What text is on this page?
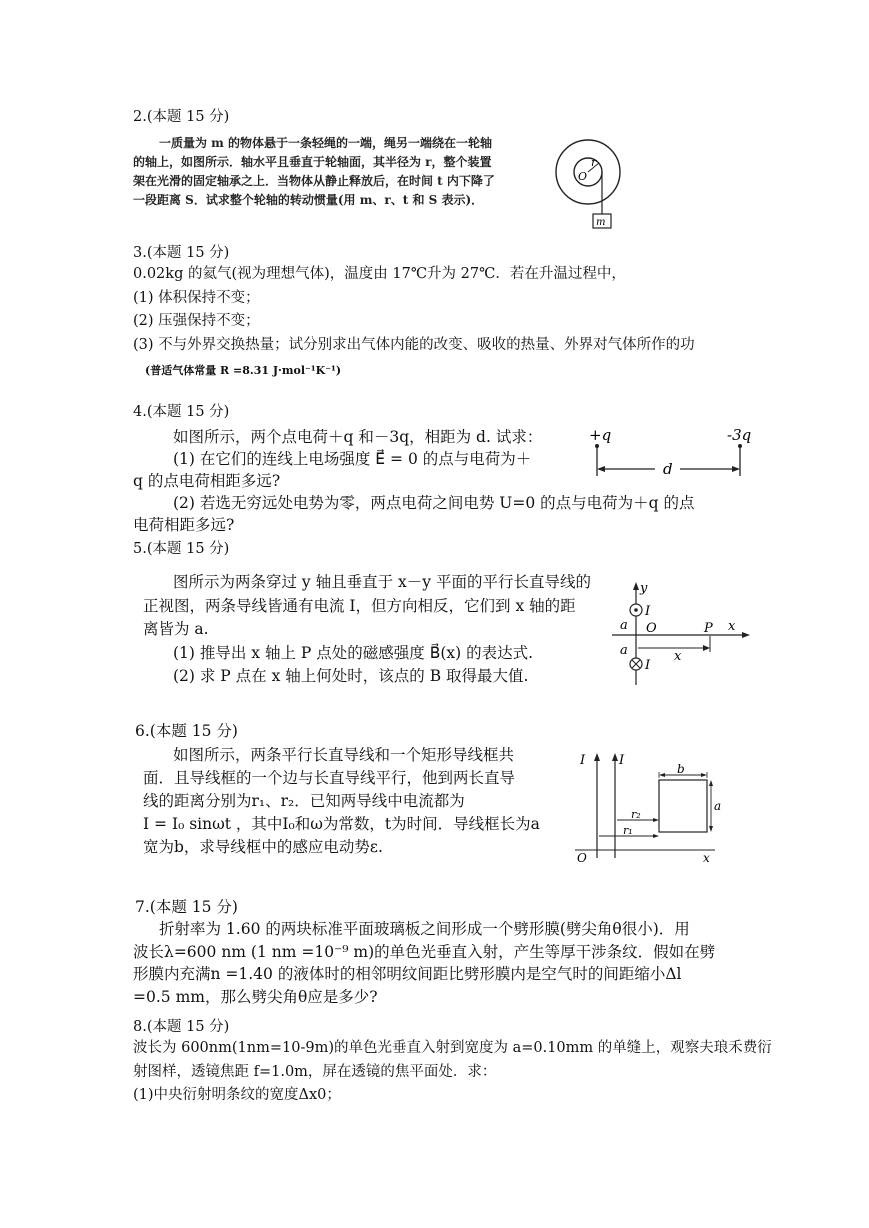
2.(本题 15 分)
一质量为 m 的物体悬于一条轻绳的一端，绳另一端绕在一轮轴
的轴上，如图所示．轴水平且垂直于轮轴面，其半径为 r，整个装置
架在光滑的固定轴承之上．当物体从静止释放后，在时间 t 内下降了
一段距离 S．试求整个轮轴的转动惯量(用 m、r、t 和 S 表示)．
O
r
m
3.(本题 15 分)
0.02kg 的氦气(视为理想气体)，温度由 17℃升为 27℃．若在升温过程中，
(1) 体积保持不变；
(2) 压强保持不变；
(3) 不与外界交换热量；试分别求出气体内能的改变、吸收的热量、外界对气体所作的功
(普适气体常量 R =8.31 J·mol⁻¹K⁻¹)
4.(本题 15 分)
如图所示，两个点电荷＋q 和－3q，相距为 d. 试求：
(1) 在它们的连线上电场强度 E⃗ = 0 的点与电荷为＋
q 的点电荷相距多远?
(2) 若选无穷远处电势为零，两点电荷之间电势 U=0 的点与电荷为＋q 的点
电荷相距多远?
+q	-3q
d
5.(本题 15 分)
图所示为两条穿过 y 轴且垂直于 x－y 平面的平行长直导线的
正视图，两条导线皆通有电流 I，但方向相反，它们到 x 轴的距
离皆为 a.
(1) 推导出 x 轴上 P 点处的磁感强度 B⃗(x) 的表达式.
(2) 求 P 点在 x 轴上何处时，该点的 B 取得最大值.
y
x
I
I
a
a
O	P
x
6.(本题 15 分)
如图所示，两条平行长直导线和一个矩形导线框共
面．且导线框的一个边与长直导线平行，他到两长直导
线的距离分别为r₁、r₂．已知两导线中电流都为
I = I₀ sinωt ，其中I₀和ω为常数，t为时间．导线框长为a
宽为b，求导线框中的感应电动势ε.
I	I
O	x
b
a
r₂
r₁
7.(本题 15 分)
折射率为 1.60 的两块标准平面玻璃板之间形成一个劈形膜(劈尖角θ很小)．用
波长λ=600 nm (1 nm =10⁻⁹ m)的单色光垂直入射，产生等厚干涉条纹．假如在劈
形膜内充满n =1.40 的液体时的相邻明纹间距比劈形膜内是空气时的间距缩小Δl
=0.5 mm，那么劈尖角θ应是多少?
8.(本题 15 分)
波长为 600nm(1nm=10-9m)的单色光垂直入射到宽度为 a=0.10mm 的单缝上，观察夫琅禾费衍
射图样，透镜焦距 f=1.0m，屏在透镜的焦平面处．求：
(1)中央衍射明条纹的宽度Δx0；
